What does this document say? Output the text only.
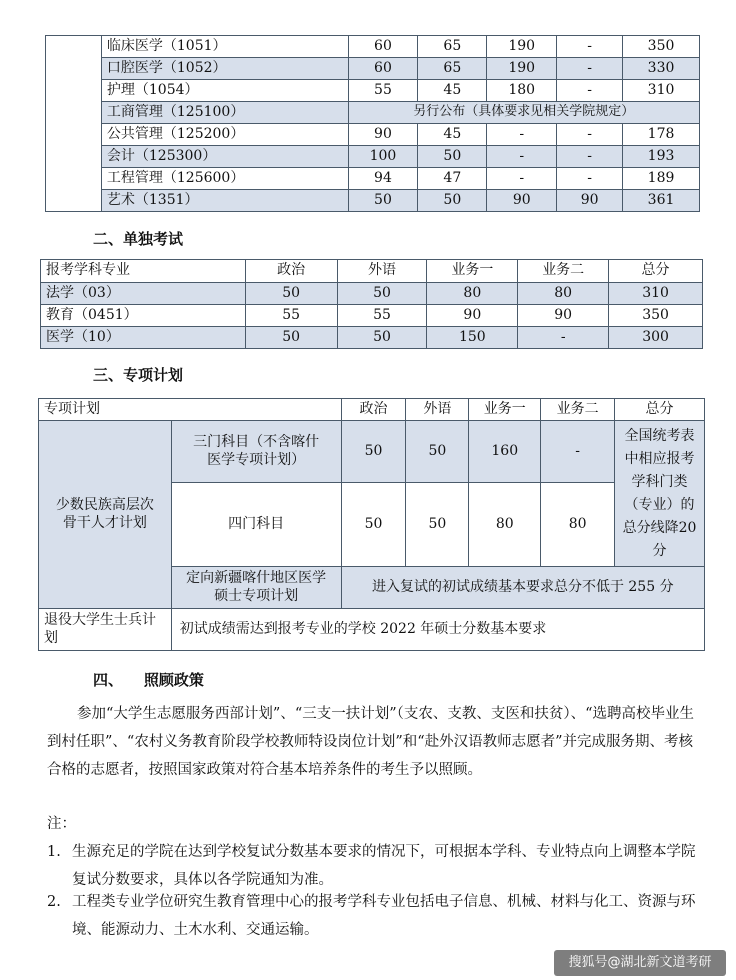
	临床医学（1051）	60	65	190	-	350
	口腔医学（1052）	60	65	190	-	330
	护理（1054）	55	45	180	-	310
	工商管理（125100）	另行公布（具体要求见相关学院规定）				
	公共管理（125200）	90	45	-	-	178
	会计（125300）	100	50	-	-	193
	工程管理（125600）	94	47	-	-	189
	艺术（1351）	50	50	90	90	361
二、单独考试
报考学科专业	政治	外语	业务一	业务二	总分
法学（03）	50	50	80	80	310
教育（0451）	55	55	90	90	350
医学（10）	50	50	150	-	300
三、专项计划
专项计划		政治	外语	业务一	业务二	总分
少数民族高层次骨干人才计划	三门科目（不含喀什医学专项计划）	50	50	160	-	全国统考表中相应报考学科门类（专业）的总分线降20分
	四门科目	50	50	80	80	
	定向新疆喀什地区医学硕士专项计划	进入复试的初试成绩基本要求总分不低于 255 分				
退役大学生士兵计划	初试成绩需达到报考专业的学校 2022 年硕士分数基本要求					
四、    照顾政策
参加“大学生志愿服务西部计划”、“三支一扶计划”（支农、支教、支医和扶贫）、“选聘高校毕业生到村任职”、“农村义务教育阶段学校教师特设岗位计划”和“赴外汉语教师志愿者”并完成服务期、考核合格的志愿者，按照国家政策对符合基本培养条件的考生予以照顾。
注：
1. 生源充足的学院在达到学校复试分数基本要求的情况下，可根据本学科、专业特点向上调整本学院复试分数要求，具体以各学院通知为准。
2. 工程类专业学位研究生教育管理中心的报考学科专业包括电子信息、机械、材料与化工、资源与环境、能源动力、土木水利、交通运输。
搜狐号@湖北新文道考研
